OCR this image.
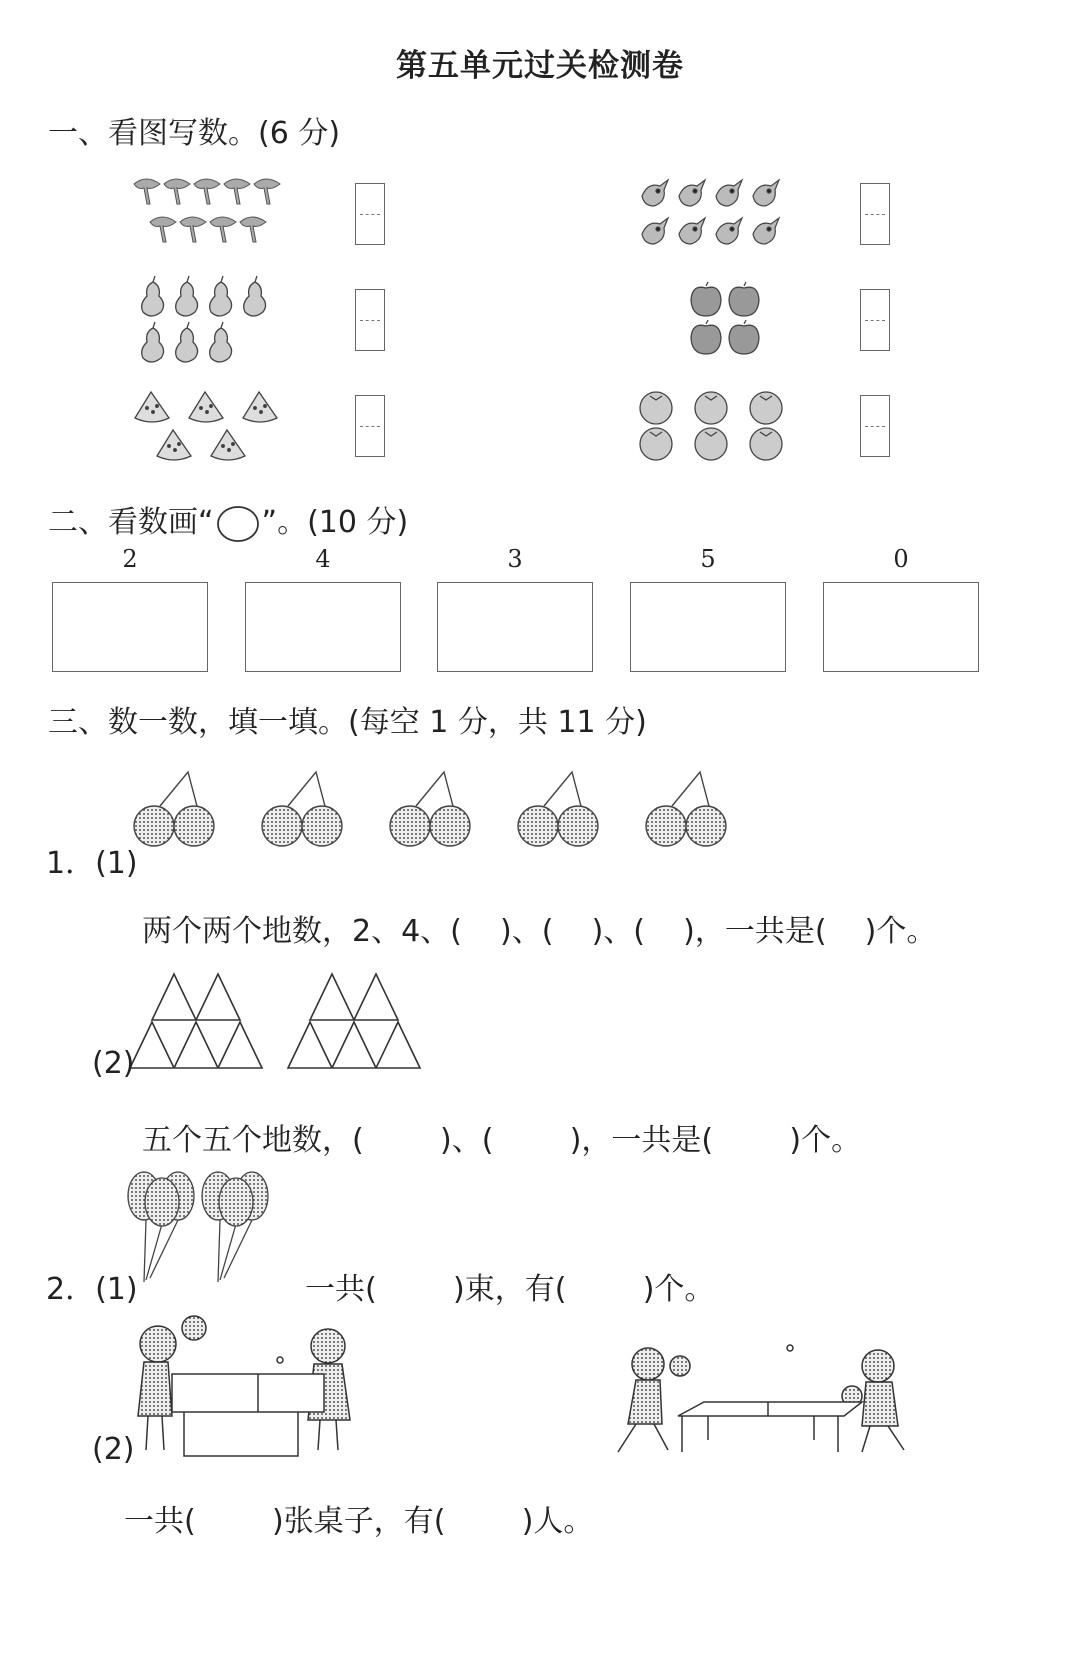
第五单元过关检测卷
一、看图写数。(6 分)
二、看数画“ ”。(10 分)
2	4	3	5	0
三、数一数，填一填。(每空 1 分，共 11 分)
1．(1)
两个两个地数，2、4、(    )、(    )、(    )，一共是(    )个。
(2)
五个五个地数，(        )、(        )，一共是(        )个。
2．(1)	一共(        )束，有(        )个。
(2)
一共(        )张桌子，有(        )人。
